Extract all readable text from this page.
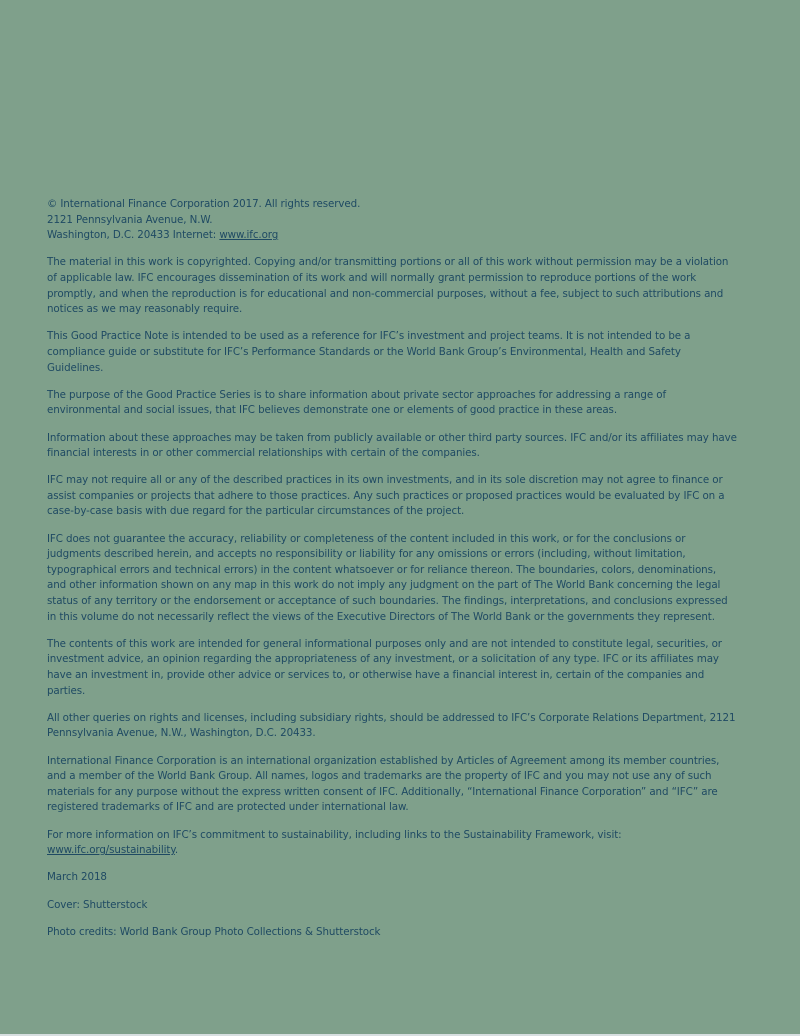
© International Finance Corporation 2017. All rights reserved.
2121 Pennsylvania Avenue, N.W.
Washington, D.C. 20433 Internet: www.ifc.org

The material in this work is copyrighted. Copying and/or transmitting portions or all of this work without permission may be a violation of applicable law. IFC encourages dissemination of its work and will normally grant permission to reproduce portions of the work promptly, and when the reproduction is for educational and non-commercial purposes, without a fee, subject to such attributions and notices as we may reasonably require.

This Good Practice Note is intended to be used as a reference for IFC’s investment and project teams. It is not intended to be a compliance guide or substitute for IFC’s Performance Standards or the World Bank Group’s Environmental, Health and Safety Guidelines.

The purpose of the Good Practice Series is to share information about private sector approaches for addressing a range of environmental and social issues, that IFC believes demonstrate one or elements of good practice in these areas.

Information about these approaches may be taken from publicly available or other third party sources. IFC and/or its affiliates may have financial interests in or other commercial relationships with certain of the companies.

IFC may not require all or any of the described practices in its own investments, and in its sole discretion may not agree to finance or assist companies or projects that adhere to those practices. Any such practices or proposed practices would be evaluated by IFC on a case-by-case basis with due regard for the particular circumstances of the project.

IFC does not guarantee the accuracy, reliability or completeness of the content included in this work, or for the conclusions or judgments described herein, and accepts no responsibility or liability for any omissions or errors (including, without limitation, typographical errors and technical errors) in the content whatsoever or for reliance thereon. The boundaries, colors, denominations, and other information shown on any map in this work do not imply any judgment on the part of The World Bank concerning the legal status of any territory or the endorsement or acceptance of such boundaries. The findings, interpretations, and conclusions expressed in this volume do not necessarily reflect the views of the Executive Directors of The World Bank or the governments they represent.

The contents of this work are intended for general informational purposes only and are not intended to constitute legal, securities, or investment advice, an opinion regarding the appropriateness of any investment, or a solicitation of any type. IFC or its affiliates may have an investment in, provide other advice or services to, or otherwise have a financial interest in, certain of the companies and parties.

All other queries on rights and licenses, including subsidiary rights, should be addressed to IFC’s Corporate Relations Department, 2121 Pennsylvania Avenue, N.W., Washington, D.C. 20433.

International Finance Corporation is an international organization established by Articles of Agreement among its member countries, and a member of the World Bank Group. All names, logos and trademarks are the property of IFC and you may not use any of such materials for any purpose without the express written consent of IFC. Additionally, “International Finance Corporation” and “IFC” are registered trademarks of IFC and are protected under international law.

For more information on IFC’s commitment to sustainability, including links to the Sustainability Framework, visit:
www.ifc.org/sustainability.

March 2018

Cover: Shutterstock

Photo credits: World Bank Group Photo Collections & Shutterstock
